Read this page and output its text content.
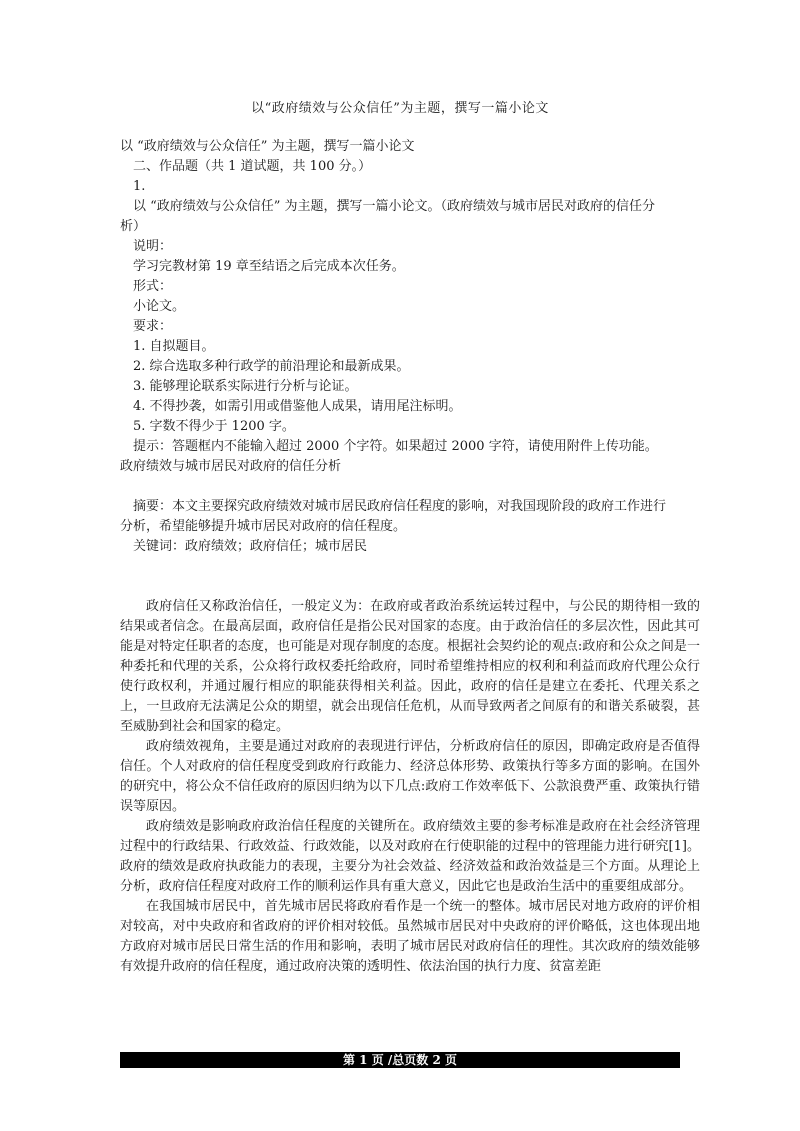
以“政府绩效与公众信任”为主题，撰写一篇小论文
以 “政府绩效与公众信任” 为主题，撰写一篇小论文
二、作品题（共 1 道试题，共 100 分。）
1.
以 “政府绩效与公众信任” 为主题，撰写一篇小论文。（政府绩效与城市居民对政府的信任分
析）
说明：
学习完教材第 19 章至结语之后完成本次任务。
形式：
小论文。
要求：
1. 自拟题目。
2. 综合选取多种行政学的前沿理论和最新成果。
3. 能够理论联系实际进行分析与论证。
4. 不得抄袭，如需引用或借鉴他人成果，请用尾注标明。
5. 字数不得少于 1200 字。
提示：答题框内不能输入超过 2000 个字符。如果超过 2000 字符，请使用附件上传功能。
政府绩效与城市居民对政府的信任分析
摘要：本文主要探究政府绩效对城市居民政府信任程度的影响，对我国现阶段的政府工作进行
分析，希望能够提升城市居民对政府的信任程度。
关键词：政府绩效；政府信任；城市居民

政府信任又称政治信任，一般定义为：在政府或者政治系统运转过程中，与公民的期待相一致的结果或者信念。在最高层面，政府信任是指公民对国家的态度。由于政治信任的多层次性，因此其可能是对特定任职者的态度，也可能是对现存制度的态度。根据社会契约论的观点:政府和公众之间是一种委托和代理的关系，公众将行政权委托给政府，同时希望维持相应的权利和利益而政府代理公众行使行政权利，并通过履行相应的职能获得相关利益。因此，政府的信任是建立在委托、代理关系之上，一旦政府无法满足公众的期望，就会出现信任危机，从而导致两者之间原有的和谐关系破裂，甚至威胁到社会和国家的稳定。

政府绩效视角，主要是通过对政府的表现进行评估，分析政府信任的原因，即确定政府是否值得信任。个人对政府的信任程度受到政府行政能力、经济总体形势、政策执行等多方面的影响。在国外的研究中，将公众不信任政府的原因归纳为以下几点:政府工作效率低下、公款浪费严重、政策执行错误等原因。

政府绩效是影响政府政治信任程度的关键所在。政府绩效主要的参考标准是政府在社会经济管理过程中的行政结果、行政效益、行政效能，以及对政府在行使职能的过程中的管理能力进行研究[1]。政府的绩效是政府执政能力的表现，主要分为社会效益、经济效益和政治效益是三个方面。从理论上分析，政府信任程度对政府工作的顺利运作具有重大意义，因此它也是政治生活中的重要组成部分。

在我国城市居民中，首先城市居民将政府看作是一个统一的整体。城市居民对地方政府的评价相对较高，对中央政府和省政府的评价相对较低。虽然城市居民对中央政府的评价略低，这也体现出地方政府对城市居民日常生活的作用和影响，表明了城市居民对政府信任的理性。其次政府的绩效能够有效提升政府的信任程度，通过政府决策的透明性、依法治国的执行力度、贫富差距

第 1 页 /总页数 2 页
